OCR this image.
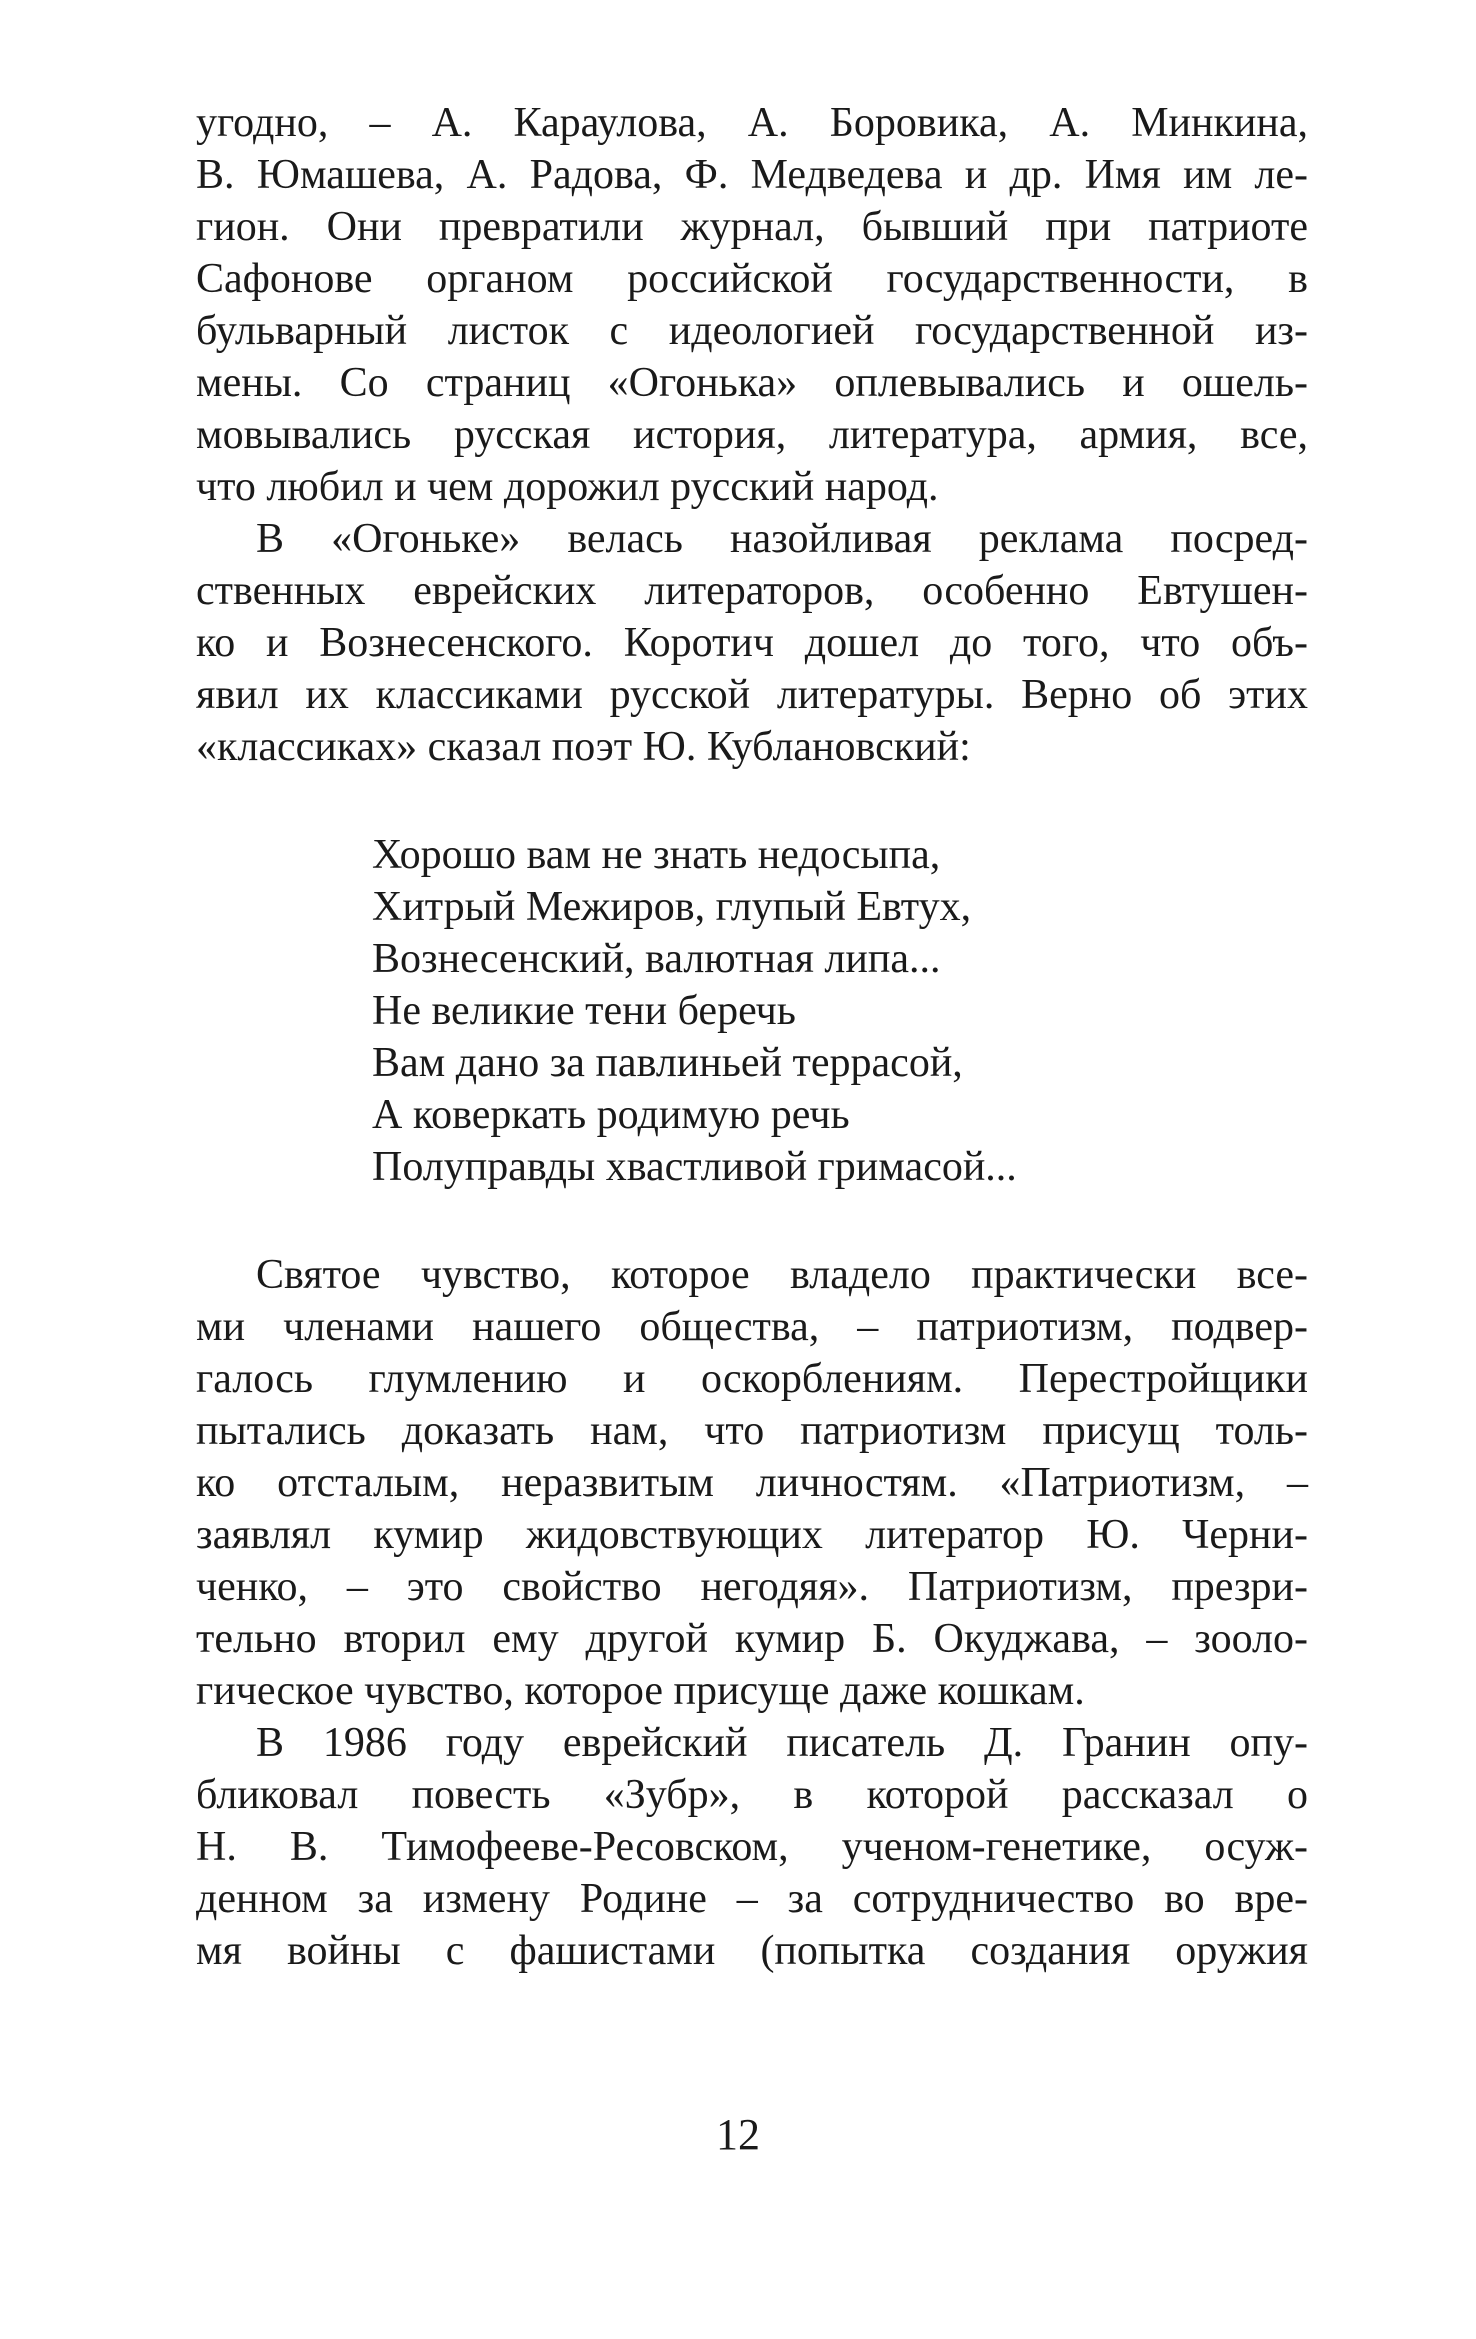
угодно, – А. Караулова, А. Боровика, А. Минкина,
В. Юмашева, А. Радова, Ф. Медведева и др. Имя им ле-
гион. Они превратили журнал, бывший при патриоте
Сафонове органом российской государственности, в
бульварный листок с идеологией государственной из-
мены. Со страниц «Огонька» оплевывались и ошель-
мовывались русская история, литература, армия, все,
что любил и чем дорожил русский народ.
В «Огоньке» велась назойливая реклама посред-
ственных еврейских литераторов, особенно Евтушен-
ко и Вознесенского. Коротич дошел до того, что объ-
явил их классиками русской литературы. Верно об этих
«классиках» сказал поэт Ю. Кублановский:
Хорошо вам не знать недосыпа,
Хитрый Межиров, глупый Евтух,
Вознесенский, валютная липа...
Не великие тени беречь
Вам дано за павлиньей террасой,
А коверкать родимую речь
Полуправды хвастливой гримасой...
Святое чувство, которое владело практически все-
ми членами нашего общества, – патриотизм, подвер-
галось глумлению и оскорблениям. Перестройщики
пытались доказать нам, что патриотизм присущ толь-
ко отсталым, неразвитым личностям. «Патриотизм, –
заявлял кумир жидовствующих литератор Ю. Черни-
ченко, – это свойство негодяя». Патриотизм, презри-
тельно вторил ему другой кумир Б. Окуджава, – зооло-
гическое чувство, которое присуще даже кошкам.
В 1986 году еврейский писатель Д. Гранин опу-
бликовал повесть «Зубр», в которой рассказал о
Н. В. Тимофееве-Ресовском, ученом-генетике, осуж-
денном за измену Родине – за сотрудничество во вре-
мя войны с фашистами (попытка создания оружия
12
